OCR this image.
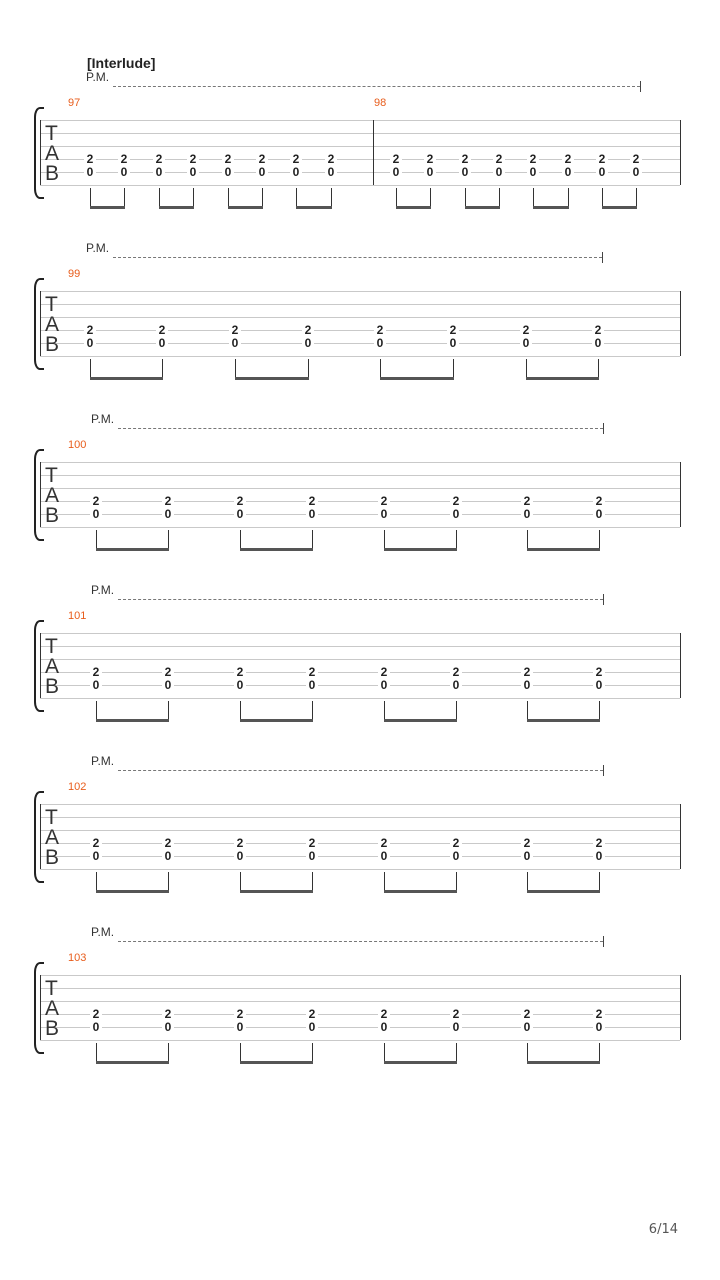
[Interlude]
P.M.
T
A
B
97
2
0
2
0
2
0
2
0
2
0
2
0
2
0
2
0
98
2
0
2
0
2
0
2
0
2
0
2
0
2
0
2
0
P.M.
T
A
B
99
2
0
2
0
2
0
2
0
2
0
2
0
2
0
2
0
P.M.
T
A
B
100
2
0
2
0
2
0
2
0
2
0
2
0
2
0
2
0
P.M.
T
A
B
101
2
0
2
0
2
0
2
0
2
0
2
0
2
0
2
0
P.M.
T
A
B
102
2
0
2
0
2
0
2
0
2
0
2
0
2
0
2
0
P.M.
T
A
B
103
2
0
2
0
2
0
2
0
2
0
2
0
2
0
2
0
6/14
